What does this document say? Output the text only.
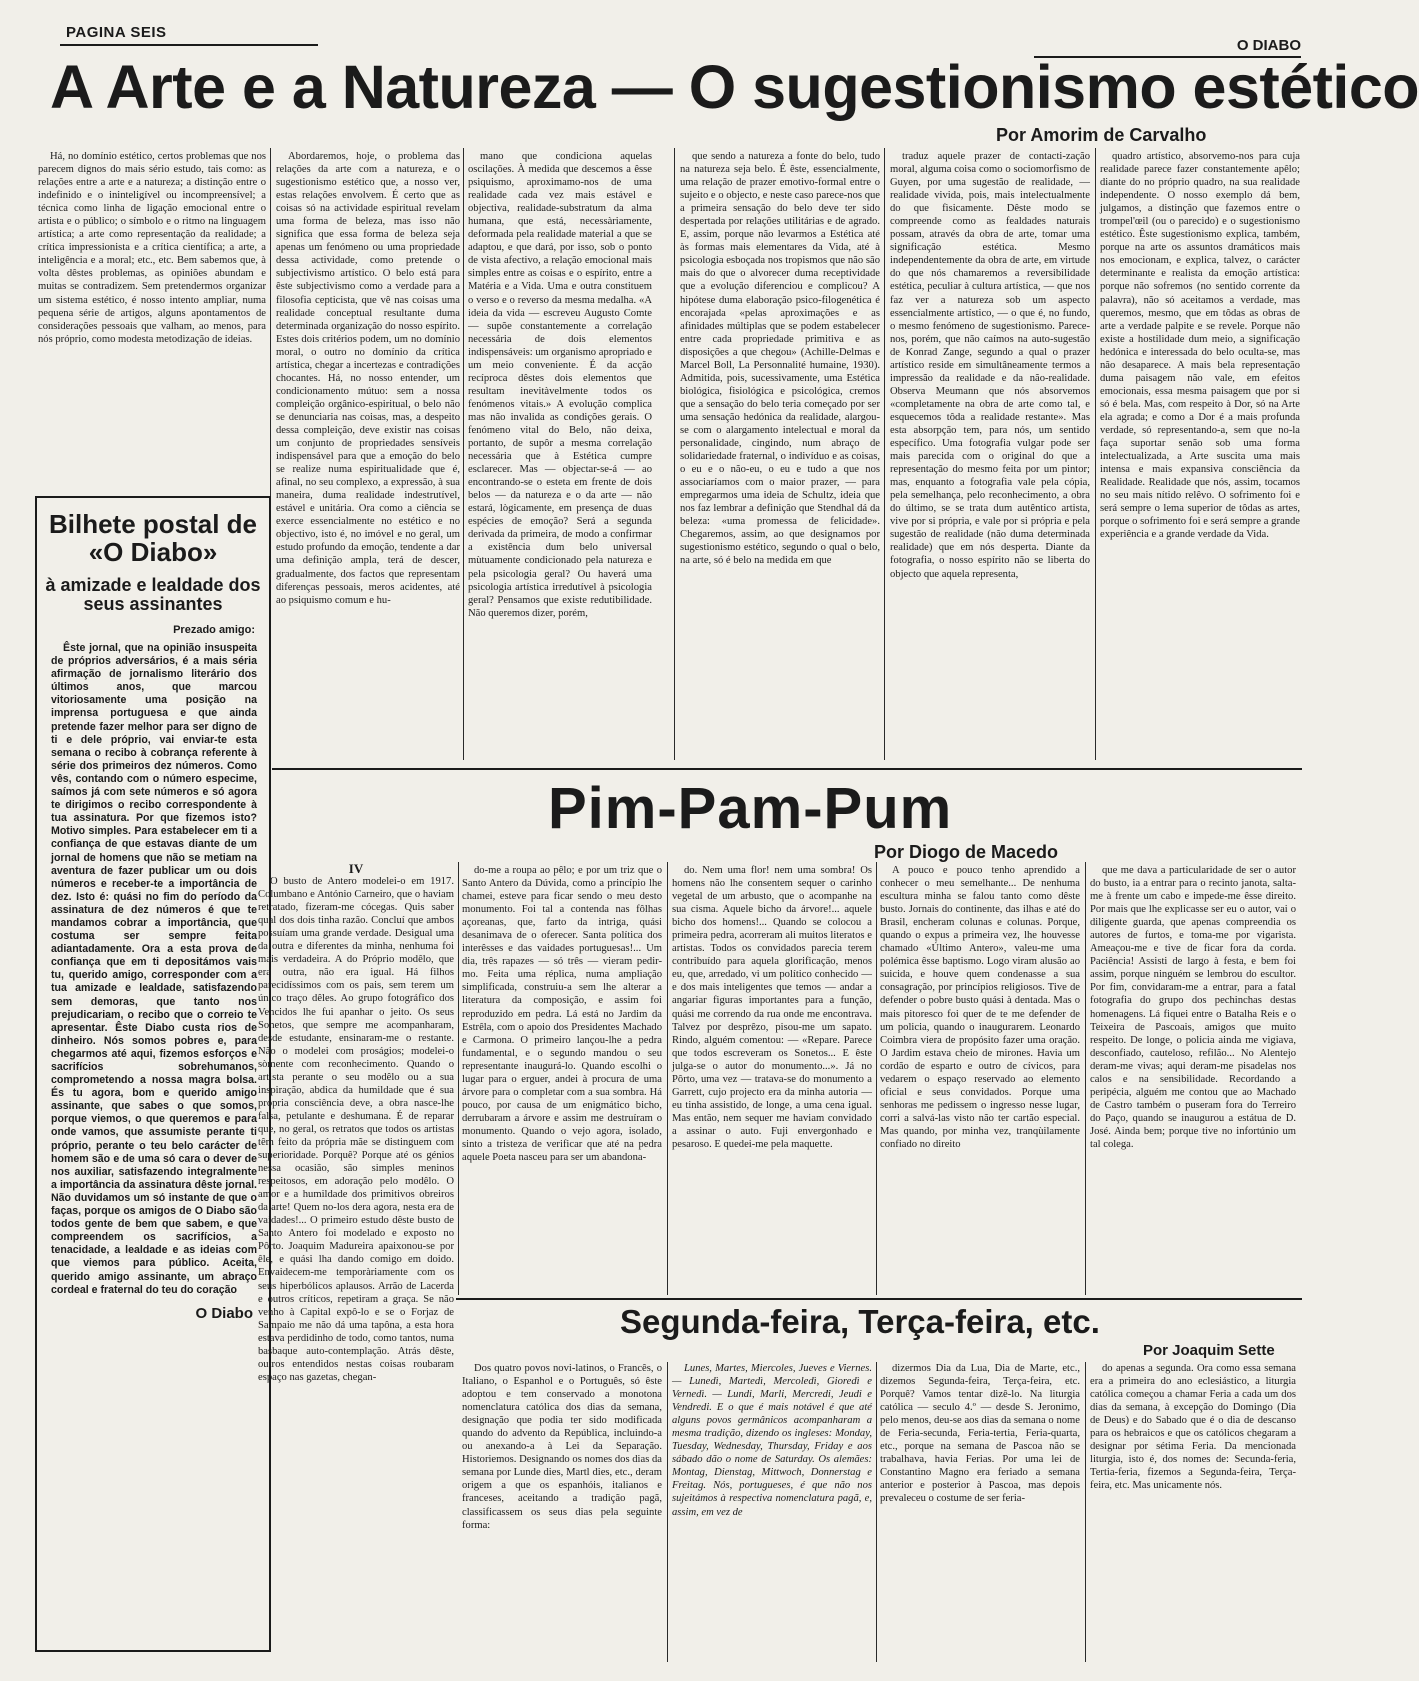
PAGINA SEIS
O DIABO
A Arte e a Natureza — O sugestionismo estético
Por Amorim de Carvalho
Há, no domínio estético, certos problemas que nos parecem dignos do mais sério estudo, tais como: as relações entre a arte e a natureza; a distinção entre o indefinido e o ininteligível ou incompreensível; a técnica como linha de ligação emocional entre o artista e o público; o símbolo e o ritmo na linguagem artística; a arte como representação da realidade; a crítica impressionista e a crítica científica; a arte, a inteligência e a moral; etc., etc. Bem sabemos que, à volta dêstes problemas, as opiniões abundam e muitas se contradizem. Sem pretendermos organizar um sistema estético, é nosso intento ampliar, numa pequena série de artigos, alguns apontamentos de considerações pessoais que valham, ao menos, para nós próprio, como modesta metodização de ideias.
Abordaremos, hoje, o problema das relações da arte com a natureza, e o sugestionismo estético que, a nosso ver, estas relações envolvem. É certo que as coisas só na actividade espiritual revelam uma forma de beleza, mas isso não significa que essa forma de beleza seja apenas um fenómeno ou uma propriedade dessa actividade, como pretende o subjectivismo artístico. O belo está para êste subjectivismo como a verdade para a filosofia cepticista, que vê nas coisas uma realidade conceptual resultante duma determinada organização do nosso espírito. Estes dois critérios podem, um no domínio moral, o outro no domínio da crítica artística, chegar a incertezas e contradições chocantes. Há, no nosso entender, um condicionamento mútuo: sem a nossa compleição orgânico-espiritual, o belo não se denunciaria nas coisas, mas, a despeito dessa compleição, deve existir nas coisas um conjunto de propriedades sensíveis indispensável para que a emoção do belo se realize numa espiritualidade que é, afinal, no seu complexo, a expressão, à sua maneira, duma realidade indestrutível, estável e unitária. Ora como a ciência se exerce essencialmente no estético e no objectivo, isto é, no imóvel e no geral, um estudo profundo da emoção, tendente a dar uma definição ampla, terá de descer, gradualmente, dos factos que representam diferenças pessoais, meros acidentes, até ao psiquismo comum e hu-
mano que condiciona aquelas oscilações. À medida que descemos a êsse psiquismo, aproximamo-nos de uma realidade cada vez mais estável e objectiva, realidade-substratum da alma humana, que está, necessàriamente, deformada pela realidade material a que se adaptou, e que dará, por isso, sob o ponto de vista afectivo, a relação emocional mais simples entre as coisas e o espírito, entre a Matéria e a Vida. Uma e outra constituem o verso e o reverso da mesma medalha. «A ideia da vida — escreveu Augusto Comte — supõe constantemente a correlação necessária de dois elementos indispensáveis: um organismo apropriado e um meio conveniente. É da acção recíproca dêstes dois elementos que resultam inevitàvelmente todos os fenómenos vitais.» A evolução complica mas não invalida as condições gerais. O fenómeno vital do Belo, não deixa, portanto, de supôr a mesma correlação necessária que à Estética cumpre esclarecer. Mas — objectar-se-á — ao encontrando-se o esteta em frente de dois belos — da natureza e o da arte — não estará, lògicamente, em presença de duas espécies de emoção? Será a segunda derivada da primeira, de modo a confirmar a existência dum belo universal mùtuamente condicionado pela natureza e pela psicologia geral? Ou haverá uma psicologia artística irredutível à psicologia geral? Pensamos que existe redutibilidade. Não queremos dizer, porém,
que sendo a natureza a fonte do belo, tudo na natureza seja belo. É êste, essencialmente, uma relação de prazer emotivo-formal entre o sujeito e o objecto, e neste caso parece-nos que a primeira sensação do belo deve ter sido despertada por relações utilitárias e de agrado. E, assim, porque não levarmos a Estética até às formas mais elementares da Vida, até à psicologia esboçada nos tropismos que não são mais do que o alvorecer duma receptividade que a evolução diferenciou e complicou? A hipótese duma elaboração psico-filogenética é encorajada «pelas aproximações e as afinidades múltiplas que se podem estabelecer entre cada propriedade primitiva e as disposições a que chegou» (Achille-Delmas e Marcel Boll, La Personnalité humaine, 1930). Admitida, pois, sucessivamente, uma Estética biológica, fisiológica e psicológica, cremos que a sensação do belo teria começado por ser uma sensação hedónica da realidade, alargou-se com o alargamento intelectual e moral da personalidade, cingindo, num abraço de solidariedade fraternal, o indivíduo e as coisas, o eu e o não-eu, o eu e tudo a que nos associaríamos com o maior prazer, — para empregarmos uma ideia de Schultz, ideia que nos faz lembrar a definição que Stendhal dá da beleza: «uma promessa de felicidade». Chegaremos, assim, ao que designamos por sugestionismo estético, segundo o qual o belo, na arte, só é belo na medida em que
traduz aquele prazer de contacti-zação moral, alguma coisa como o sociomorfismo de Guyen, por uma sugestão de realidade, — realidade vivida, pois, mais intelectualmente do que fìsicamente. Dêste modo se compreende como as fealdades naturais possam, através da obra de arte, tomar uma significação estética. Mesmo independentemente da obra de arte, em virtude do que nós chamaremos a reversibilidade estética, peculiar à cultura artística, — que nos faz ver a natureza sob um aspecto essencialmente artístico, — o que é, no fundo, o mesmo fenómeno de sugestionismo. Parece-nos, porém, que não caímos na auto-sugestão de Konrad Zange, segundo a qual o prazer artístico reside em simultâneamente termos a impressão da realidade e da não-realidade. Observa Meumann que nós absorvemos «completamente na obra de arte como tal, e esquecemos tôda a realidade restante». Mas esta absorpção tem, para nós, um sentido específico. Uma fotografia vulgar pode ser mais parecida com o original do que a representação do mesmo feita por um pintor; mas, enquanto a fotografia vale pela cópia, pela semelhança, pelo reconhecimento, a obra do último, se se trata dum autêntico artista, vive por si própria, e vale por si própria e pela sugestão de realidade (não duma determinada realidade) que em nós desperta. Diante da fotografia, o nosso espírito não se liberta do objecto que aquela representa,
quadro artístico, absorvemo-nos para cuja realidade parece fazer constantemente apêlo; diante do no próprio quadro, na sua realidade independente. O nosso exemplo dá bem, julgamos, a distinção que fazemos entre o trompel'œil (ou o parecido) e o sugestionismo estético. Êste sugestionismo explica, também, porque na arte os assuntos dramáticos mais nos emocionam, e explica, talvez, o carácter determinante e realista da emoção artística: porque não sofremos (no sentido corrente da palavra), não só aceitamos a verdade, mas queremos, mesmo, que em tôdas as obras de arte a verdade palpite e se revele. Porque não existe a hostilidade dum meio, a significação hedónica e interessada do belo oculta-se, mas não desaparece. A mais bela representação duma paisagem não vale, em efeitos emocionais, essa mesma paisagem que por si só é bela. Mas, com respeito à Dor, só na Arte ela agrada; e como a Dor é a mais profunda verdade, só representando-a, sem que no-la faça suportar senão sob uma forma intelectualizada, a Arte suscita uma mais intensa e mais expansiva consciência da Realidade. Realidade que nós, assim, tocamos no seu mais nítido relêvo. O sofrimento foi e será sempre o lema superior de tôdas as artes, porque o sofrimento foi e será sempre a grande experiência e a grande verdade da Vida.
Bilhete postal de «O Diabo»
à amizade e lealdade dos seus assinantes
Prezado amigo:
Êste jornal, que na opinião insuspeita de próprios adversários, é a mais séria afirmação de jornalismo literário dos últimos anos, que marcou vitoriosamente uma posição na imprensa portuguesa e que ainda pretende fazer melhor para ser digno de ti e dele próprio, vai enviar-te esta semana o recibo à cobrança referente à série dos primeiros dez números. Como vês, contando com o número especime, saímos já com sete números e só agora te dirigimos o recibo correspondente à tua assinatura. Por que fizemos isto? Motivo simples. Para estabelecer em ti a confiança de que estavas diante de um jornal de homens que não se metiam na aventura de fazer publicar um ou dois números e receber-te a importância de dez. Isto é: quási no fim do período da assinatura de dez números é que te mandamos cobrar a importância, que costuma ser sempre feita adiantadamente. Ora a esta prova de confiança que em ti depositámos vais tu, querido amigo, corresponder com a tua amizade e lealdade, satisfazendo sem demoras, que tanto nos prejudicariam, o recibo que o correio te apresentar. Êste Diabo custa rios de dinheiro. Nós somos pobres e, para chegarmos até aqui, fizemos esforços e sacrifícios sobrehumanos, comprometendo a nossa magra bolsa. És tu agora, bom e querido amigo assinante, que sabes o que somos, porque viemos, o que queremos e para onde vamos, que assumiste perante ti próprio, perante o teu belo carácter de homem são e de uma só cara o dever de nos auxiliar, satisfazendo integralmente a importância da assinatura dêste jornal. Não duvidamos um só instante de que o faças, porque os amigos de O Diabo são todos gente de bem que sabem, e que compreendem os sacrifícios, a tenacidade, a lealdade e as ideias com que viemos para público. Aceita, querido amigo assinante, um abraço cordeal e fraternal do teu do coração
O Diabo
Pim-Pam-Pum
Por Diogo de Macedo

IV

O busto de Antero modelei-o em 1917. Columbano e António Carneiro, que o haviam retratado, fizeram-me cócegas. Quis saber qual dos dois tinha razão. Concluí que ambos possuíam uma grande verdade. Desigual uma da outra e diferentes da minha, nenhuma foi mais verdadeira. A do Próprio modêlo, que era outra, não era igual. Há filhos parecidíssimos com os pais, sem terem um único traço dêles. Ao grupo fotográfico dos Vencidos lhe fui apanhar o jeito. Os seus Sonetos, que sempre me acompanharam, desde estudante, ensinaram-me o restante. Não o modelei com proságios; modelei-o sòmente com reconhecimento. Quando o artista perante o seu modêlo ou a sua inspiração, abdica da humildade que é sua própria consciência deve, a obra nasce-lhe falsa, petulante e deshumana. É de reparar que, no geral, os retratos que todos os artistas têm feito da própria mãe se distinguem com superioridade. Porquê? Porque até os génios nessa ocasião, são simples meninos respeitosos, em adoração pelo modêlo. O amor e a humildade dos primitivos obreiros da arte! Quem no-los dera agora, nesta era de vaidades!... O primeiro estudo dêste busto de Santo Antero foi modelado e exposto no Pôrto. Joaquim Madureira apaixonou-se por êle, e quási lha dando comigo em doido. Envaidecem-me temporàriamente com os seus hiperbólicos aplausos. Arrão de Lacerda e outros críticos, repetiram a graça. Se não venho à Capital expô-lo e se o Forjaz de Sampaio me não dá uma tapôna, a esta hora estava perdidinho de todo, como tantos, numa basbaque auto-contemplação. Atrás dêste, outros entendidos nestas coisas roubaram espaço nas gazetas, chegan-

do-me a roupa ao pêlo; e por um triz que o Santo Antero da Dúvida, como a princípio lhe chamei, esteve para ficar sendo o meu desto monumento. Foi tal a contenda nas fôlhas açoreanas, que, farto da intriga, quási desanimava de o oferecer. Santa política dos interêsses e das vaidades portuguesas!... Um dia, três rapazes — só três — vieram pedir-mo. Feita uma réplica, numa ampliação simplificada, construiu-a sem lhe alterar a literatura da composição, e assim foi reproduzido em pedra. Lá está no Jardim da Estrêla, com o apoio dos Presidentes Machado e Carmona. O primeiro lançou-lhe a pedra fundamental, e o segundo mandou o seu representante inaugurá-lo. Quando escolhi o lugar para o erguer, andei à procura de uma árvore para o completar com a sua sombra. Há pouco, por causa de um enigmático bicho, derrubaram a árvore e assim me destruíram o monumento. Quando o vejo agora, isolado, sinto a tristeza de verificar que até na pedra aquele Poeta nasceu para ser um abandona-
do. Nem uma flor! nem uma sombra! Os homens não lhe consentem sequer o carinho vegetal de um arbusto, que o acompanhe na sua cisma. Aquele bicho da árvore!... aquele bicho dos homens!... Quando se colocou a primeira pedra, acorreram ali muitos literatos e artistas. Todos os convidados parecia terem contribuído para aquela glorificação, menos eu, que, arredado, vi um político conhecido — e dos mais inteligentes que temos — andar a angariar figuras importantes para a função, quási me correndo da rua onde me encontrava. Talvez por desprêzo, pisou-me um sapato. Rindo, alguém comentou: — «Repare. Parece que todos escreveram os Sonetos... E êste julga-se o autor do monumento...». Já no Pôrto, uma vez — tratava-se do monumento a Garrett, cujo projecto era da minha autoria — eu tinha assistido, de longe, a uma cena igual. Mas então, nem sequer me haviam convidado a assinar o auto. Fuji envergonhado e pesaroso. E quedei-me pela maquette.
A pouco e pouco tenho aprendido a conhecer o meu semelhante... De nenhuma escultura minha se falou tanto como dêste busto. Jornais do continente, das ilhas e até do Brasil, encheram colunas e colunas. Porque, quando o expus a primeira vez, lhe houvesse chamado «Último Antero», valeu-me uma polémica êsse baptismo. Logo viram alusão ao suicida, e houve quem condenasse a sua consagração, por princípios religiosos. Tive de defender o pobre busto quási à dentada. Mas o mais pitoresco foi quer de te me defender de um policia, quando o inaugurarem. Leonardo Coimbra viera de propósito fazer uma oração. O Jardim estava cheio de mirones. Havia um cordão de esparto e outro de cívicos, para vedarem o espaço reservado ao elemento oficial e seus convidados. Porque uma senhoras me pedissem o ingresso nesse lugar, corri a salvá-las visto não ter cartão especial. Mas quando, por minha vez, tranqùilamente confiado no direito
que me dava a particularidade de ser o autor do busto, ia a entrar para o recinto janota, salta-me à frente um cabo e impede-me êsse direito. Por mais que lhe explicasse ser eu o autor, vai o diligente guarda, que apenas compreendia os autores de furtos, e toma-me por vigarista. Ameaçou-me e tive de ficar fora da corda. Paciência! Assisti de largo à festa, e bem foi assim, porque ninguém se lembrou do escultor. Por fim, convidaram-me a entrar, para a fatal fotografia do grupo dos pechinchas destas homenagens. Lá fiquei entre o Batalha Reis e o Teixeira de Pascoais, amigos que muito respeito. De longe, o policia ainda me vigiava, desconfiado, cauteloso, refilão... No Alentejo deram-me vivas; aqui deram-me pisadelas nos calos e na sensibilidade. Recordando a peripécia, alguém me contou que ao Machado de Castro também o puseram fora do Terreiro do Paço, quando se inaugurou a estátua de D. José. Ainda bem; porque tive no infortúnio um tal colega.
Segunda-feira, Terça-feira, etc.
Por Joaquim Sette
Dos quatro povos novi-latinos, o Francês, o Italiano, o Espanhol e o Português, só êste adoptou e tem conservado a monotona nomenclatura católica dos dias da semana, designação que podia ter sido modificada quando do advento da República, incluindo-a ou anexando-a à Lei da Separação. Historiemos. Designando os nomes dos dias da semana por Lunde dies, Martl dies, etc., deram origem a que os espanhóis, italianos e franceses, aceitando a tradição pagã, classificassem os seus dias pela seguinte forma:
Lunes, Martes, Miercoles, Jueves e Viernes. — Lunedì, Martedì, Mercoledì, Gioredì e Vernedì. — Lundi, Marli, Mercredi, Jeudi e Vendredi. E o que é mais notável é que até alguns povos germânicos acompanharam a mesma tradição, dizendo os ingleses: Monday, Tuesday, Wednesday, Thursday, Friday e aos sábado dão o nome de Saturday. Os alemães: Montag, Dienstag, Mittwoch, Donnerstag e Freitag. Nós, portugueses, é que não nos sujeitámos à respectiva nomenclatura pagã, e, assim, em vez de
dizermos Dia da Lua, Dia de Marte, etc., dizemos Segunda-feira, Terça-feira, etc. Porquê? Vamos tentar dizê-lo. Na liturgia católica — seculo 4.º — desde S. Jeronimo, pelo menos, deu-se aos dias da semana o nome de Feria-secunda, Feria-tertia, Feria-quarta, etc., porque na semana de Pascoa não se trabalhava, havia Ferias. Por uma lei de Constantino Magno era feriado a semana anterior e posterior à Pascoa, mas depois prevaleceu o costume de ser feria-
do apenas a segunda. Ora como essa semana era a primeira do ano eclesiástico, a liturgia católica começou a chamar Feria a cada um dos dias da semana, à excepção do Domingo (Dia de Deus) e do Sabado que é o dia de descanso para os hebraicos e que os católicos chegaram a designar por sétima Feria. Da mencionada liturgia, isto é, dos nomes de: Secunda-feria, Tertia-feria, fizemos a Segunda-feira, Terça-feira, etc. Mas unicamente nós.
